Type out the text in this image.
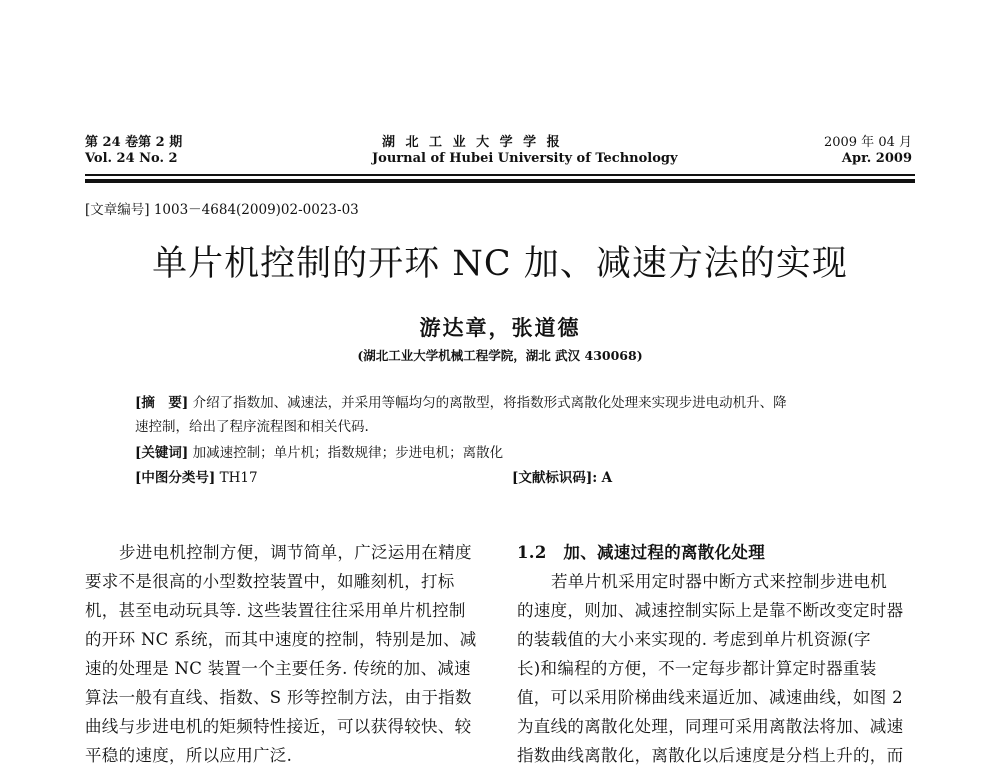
第 24 卷第 2 期
Vol. 24 No. 2
湖 北 工 业 大 学 学 报
Journal of Hubei University of Technology
2009 年 04 月
Apr. 2009
[文章编号] 1003－4684(2009)02-0023-03
单片机控制的开环 NC 加、减速方法的实现
游达章，张道德
(湖北工业大学机械工程学院，湖北 武汉 430068)
[摘　要] 介绍了指数加、减速法，并采用等幅均匀的离散型，将指数形式离散化处理来实现步进电动机升、降
速控制，给出了程序流程图和相关代码.
[关键词] 加减速控制；单片机；指数规律；步进电机；离散化
[中图分类号] TH17	[文献标识码]: A

步进电机控制方便，调节简单，广泛运用在精度

要求不是很高的小型数控装置中，如雕刻机，打标

机，甚至电动玩具等. 这些装置往往采用单片机控制

的开环 NC 系统，而其中速度的控制，特别是加、减

速的处理是 NC 装置一个主要任务. 传统的加、减速

算法一般有直线、指数、S 形等控制方法，由于指数

曲线与步进电机的矩频特性接近，可以获得较快、较

平稳的速度，所以应用广泛.

1.2　加、减速过程的离散化处理

若单片机采用定时器中断方式来控制步进电机

的速度，则加、减速控制实际上是靠不断改变定时器

的装载值的大小来实现的. 考虑到单片机资源(字

长)和编程的方便，不一定每步都计算定时器重装

值，可以采用阶梯曲线来逼近加、减速曲线，如图 2

为直线的离散化处理，同理可采用离散法将加、减速

指数曲线离散化，离散化以后速度是分档上升的，而
